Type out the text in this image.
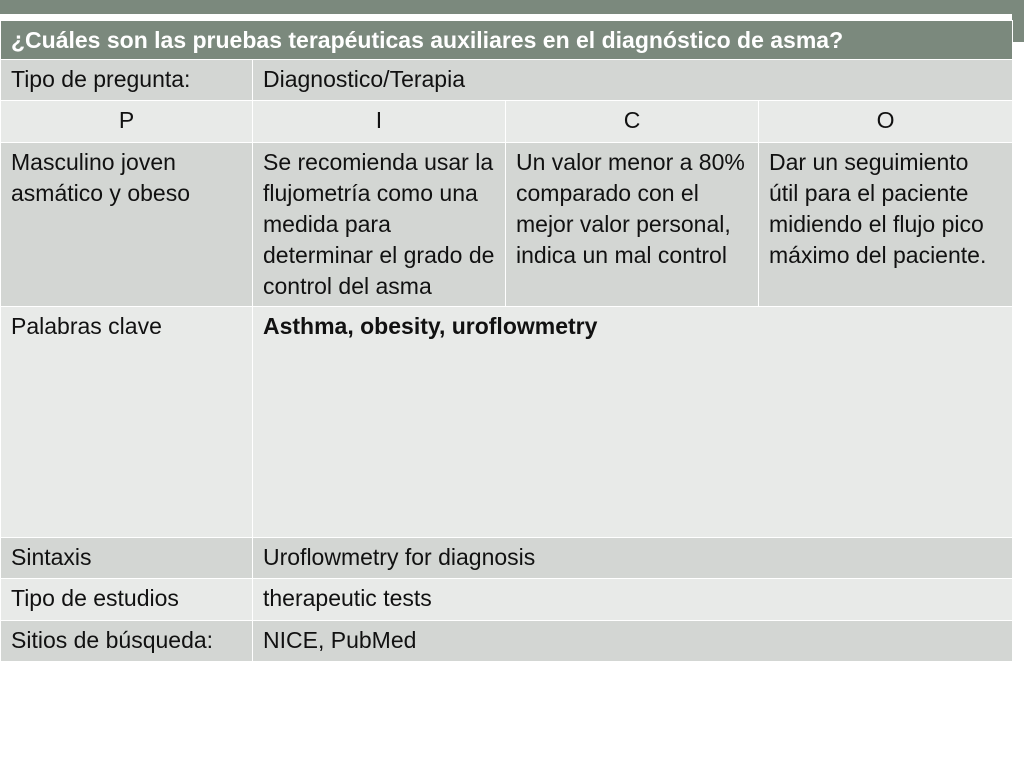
¿Cuáles son las pruebas terapéuticas auxiliares en el diagnóstico de asma?			
Tipo de pregunta:	Diagnostico/Terapia		
P	I	C	O
Masculino joven asmático y obeso	Se recomienda usar la flujometría como una medida para determinar el grado de control del asma	Un valor menor a 80% comparado con el mejor valor personal, indica un mal control	Dar un seguimiento útil para el paciente midiendo el flujo pico máximo del paciente.
Palabras clave	Asthma, obesity, uroflowmetry		
Sintaxis	Uroflowmetry for diagnosis		
Tipo de estudios	therapeutic tests		
Sitios de búsqueda:	NICE, PubMed		
